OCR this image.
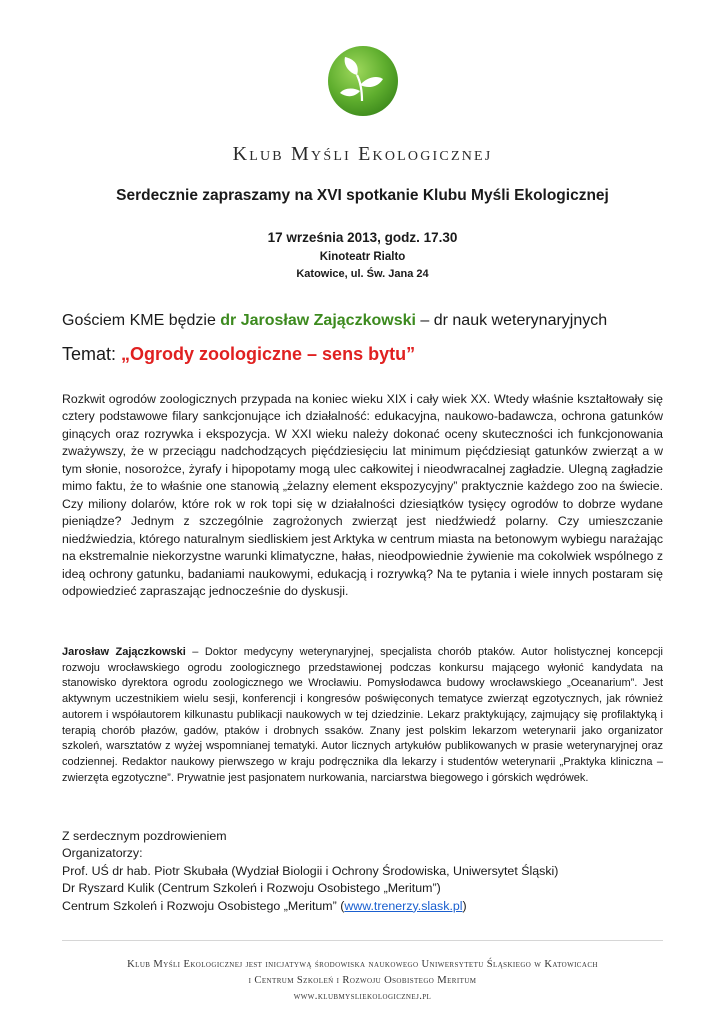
Klub Myśli Ekologicznej
Serdecznie zapraszamy na XVI spotkanie Klubu Myśli Ekologicznej
17 września 2013, godz. 17.30
Kinoteatr Rialto
Katowice, ul. Św. Jana 24
Gościem KME będzie dr Jarosław Zajączkowski – dr nauk weterynaryjnych
Temat: „Ogrody zoologiczne – sens bytu”
Rozkwit ogrodów zoologicznych przypada na koniec wieku XIX i cały wiek XX. Wtedy właśnie kształtowały się cztery podstawowe filary sankcjonujące ich działalność: edukacyjna, naukowo-badawcza, ochrona gatunków ginących oraz rozrywka i ekspozycja. W XXI wieku należy dokonać oceny skuteczności ich funkcjonowania zważywszy, że w przeciągu nadchodzących pięćdziesięciu lat minimum pięćdziesiąt gatunków zwierząt a w tym słonie, nosorożce, żyrafy i hipopotamy mogą ulec całkowitej i nieodwracalnej zagładzie. Ulegną zagładzie mimo faktu, że to właśnie one stanowią „żelazny element ekspozycyjny” praktycznie każdego zoo na świecie. Czy miliony dolarów, które rok w rok topi się w działalności dziesiątków tysięcy ogrodów to dobrze wydane pieniądze? Jednym z szczególnie zagrożonych zwierząt jest niedźwiedź polarny. Czy umieszczanie niedźwiedzia, którego naturalnym siedliskiem jest Arktyka w centrum miasta na betonowym wybiegu narażając na ekstremalnie niekorzystne warunki klimatyczne, hałas, nieodpowiednie żywienie ma cokolwiek wspólnego z ideą ochrony gatunku, badaniami naukowymi, edukacją i rozrywką? Na te pytania i wiele innych postaram się odpowiedzieć zapraszając jednocześnie do dyskusji.
Jarosław Zajączkowski – Doktor medycyny weterynaryjnej, specjalista chorób ptaków. Autor holistycznej koncepcji rozwoju wrocławskiego ogrodu zoologicznego przedstawionej podczas konkursu mającego wyłonić kandydata na stanowisko dyrektora ogrodu zoologicznego we Wrocławiu. Pomysłodawca budowy wrocławskiego „Oceanarium”. Jest aktywnym uczestnikiem wielu sesji, konferencji i kongresów poświęconych tematyce zwierząt egzotycznych, jak również autorem i współautorem kilkunastu publikacji naukowych w tej dziedzinie. Lekarz praktykujący, zajmujący się profilaktyką i terapią chorób płazów, gadów, ptaków i drobnych ssaków. Znany jest polskim lekarzom weterynarii jako organizator szkoleń, warsztatów z wyżej wspomnianej tematyki. Autor licznych artykułów publikowanych w prasie weterynaryjnej oraz codziennej. Redaktor naukowy pierwszego w kraju podręcznika dla lekarzy i studentów weterynarii „Praktyka kliniczna – zwierzęta egzotyczne”. Prywatnie jest pasjonatem nurkowania, narciarstwa biegowego i górskich wędrówek.
Z serdecznym pozdrowieniem
Organizatorzy:
Prof. UŚ dr hab. Piotr Skubała (Wydział Biologii i Ochrony Środowiska, Uniwersytet Śląski)
Dr Ryszard Kulik (Centrum Szkoleń i Rozwoju Osobistego „Meritum”)
Centrum Szkoleń i Rozwoju Osobistego „Meritum” (www.trenerzy.slask.pl)
Klub Myśli Ekologicznej jest inicjatywą środowiska naukowego Uniwersytetu Śląskiego w Katowicach
i Centrum Szkoleń i Rozwoju Osobistego Meritum
www.klubmysliekologicznej.pl
